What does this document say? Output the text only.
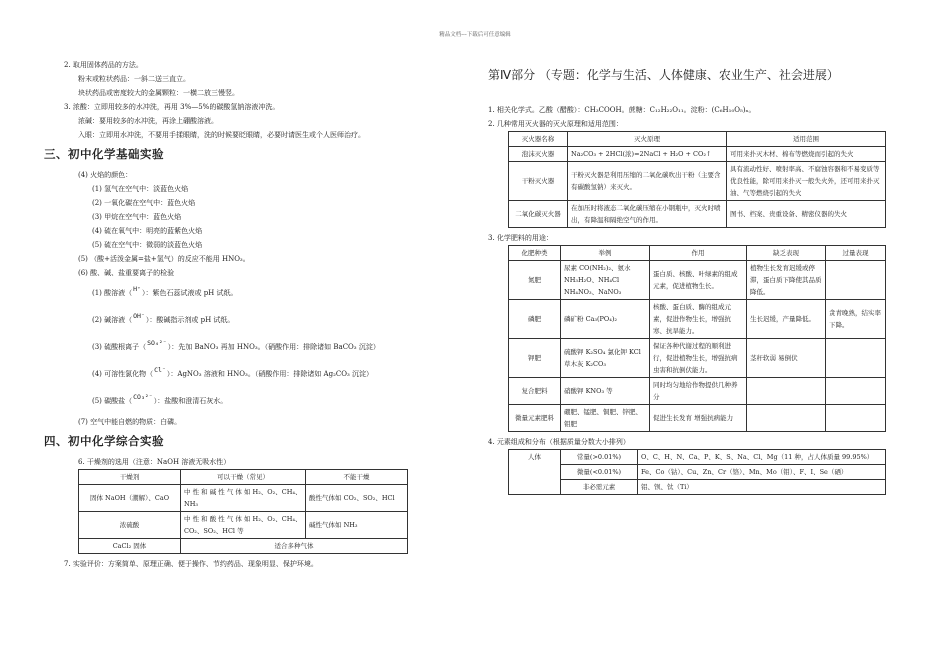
精品文档---下载后可任意编辑

2. 取用固体药品的方法。

粉末或粒状药品：一斜二送三直立。

块状药品或密度较大的金属颗粒：一横二放三慢竖。

3. 浓酸：立即用较多的水冲洗，再用 3%—5%的碳酸氢钠溶液冲洗。

浓碱：要用较多的水冲洗，再涂上硼酸溶液。

入眼：立即用水冲洗，不要用手揉眼睛，洗的时候要眨眼睛，必要时请医生或个人医师治疗。

三、初中化学基础实验

(4) 火焰的颜色：

(1) 氢气在空气中：淡蓝色火焰

(2) 一氧化碳在空气中：蓝色火焰

(3) 甲烷在空气中：蓝色火焰

(4) 硫在氧气中：明亮的蓝紫色火焰

(5) 硫在空气中：微弱的淡蓝色火焰

(5) （酸+活泼金属=盐+氢气）的反应不能用 HNO₃。

(6) 酸、碱、盐重要离子的检验

(1) 酸溶液（H⁺）：紫色石蕊试液或 pH 试纸。

(2) 碱溶液（OH⁻）：酸碱指示剂或 pH 试纸。

(3) 硫酸根离子（SO₄²⁻）：先加 BaNO₃ 再加 HNO₃。（硝酸作用：排除诸如 BaCO₃ 沉淀）

(4) 可溶性氯化物（Cl⁻）：AgNO₃ 溶液和 HNO₃。（硝酸作用：排除诸如 Ag₂CO₃ 沉淀）

(5) 碳酸盐（CO₃²⁻）：盐酸和澄清石灰水。

(7) 空气中能自燃的物质：白磷。

四、初中化学综合实验

6. 干燥剂的选用（注意：NaOH 溶液无吸水性）

干燥剂	可以干燥（常见）	不能干燥
固体 NaOH（潮解）、CaO	中 性 和 碱 性 气 体 如 H₂、O₂、CH₄、NH₃	酸性气体如 CO₂、SO₂、HCl
浓硫酸	中 性 和 酸 性 气 体 如 H₂、O₂、CH₄、CO₂、SO₂、HCl 等	碱性气体如 NH₃
CaCl₂ 固体	适合多种气体	

7. 实验评价：方案简单、原理正确、便于操作、节约药品、现象明显、保护环境。

第Ⅳ部分 （专题：化学与生活、人体健康、农业生产、社会进展）

1. 相关化学式。乙酸（醋酸）：CH₃COOH。蔗糖：C₁₂H₂₂O₁₁。淀粉：(C₆H₁₀O₅)ₙ。

2. 几种常用灭火器的灭火原理和适用范围：

灭火器名称	灭火原理	适用范围
泡沫灭火器	Na₂CO₃ + 2HCl(浓)=2NaCl + H₂O + CO₂↑	可用来扑灭木材、棉布等燃烧而引起的失火
干粉灭火器	干粉灭火器是利用压缩的二氧化碳吹出干粉（主要含有碳酸氢钠）来灭火。	具有流动性好、喷射率高、不腐蚀容器和不易变质等优良性能，除可用来扑灭一般失火外，还可用来扑灭油、气等燃烧引起的失火
二氧化碳灭火器	在加压时将液态二氧化碳压缩在小钢瓶中，灭火时喷出，有降温和隔绝空气的作用。	图书、档案、贵重设备、精密仪器的失火

3. 化学肥料的用途：

化肥种类	举例	作用	缺乏表现	过量表现
氮肥	尿素 CO(NH₂)₂、氨水 NH₃H₂O、NH₄Cl NH₄NO₃、NaNO₃	蛋白质、核酸、叶绿素的组成元素，促进植物生长。	植物生长发育迟缓或停滞，蛋白质下降使其品质降低。	
磷肥	磷矿粉 Ca₃(PO₄)₂	核酸、蛋白质、酶的组成元素，促进作物生长，增强抗寒、抗旱能力。	生长迟缓，产量降低。	贪青晚熟，结实率下降。
钾肥	硫酸钾 K₂SO₄ 氯化钾 KCl 草木灰 K₂CO₃	保证各种代谢过程的顺利进行，促进植物生长，增强抗病虫害和抗倒伏能力。	茎秆软弱 易倒伏	
复合肥料	硝酸钾 KNO₃ 等	同时均匀地给作物提供几种养分		
微量元素肥料	硼肥、锰肥、铜肥、锌肥、钼肥	促进生长发育 增强抗病能力		

4. 元素组成和分布（根据质量分数大小排列）

人体	常量(>0.01%)	O、C、H、N、Ca、P、K、S、Na、Cl、Mg（11 种，占人体质量 99.95%）
	微量(<0.01%)	Fe、Co（钴）、Cu、Zn、Cr（铬）、Mn、Mo（钼）、F、I、Se（硒）
	非必需元素	铝、钡、钛（Ti）
